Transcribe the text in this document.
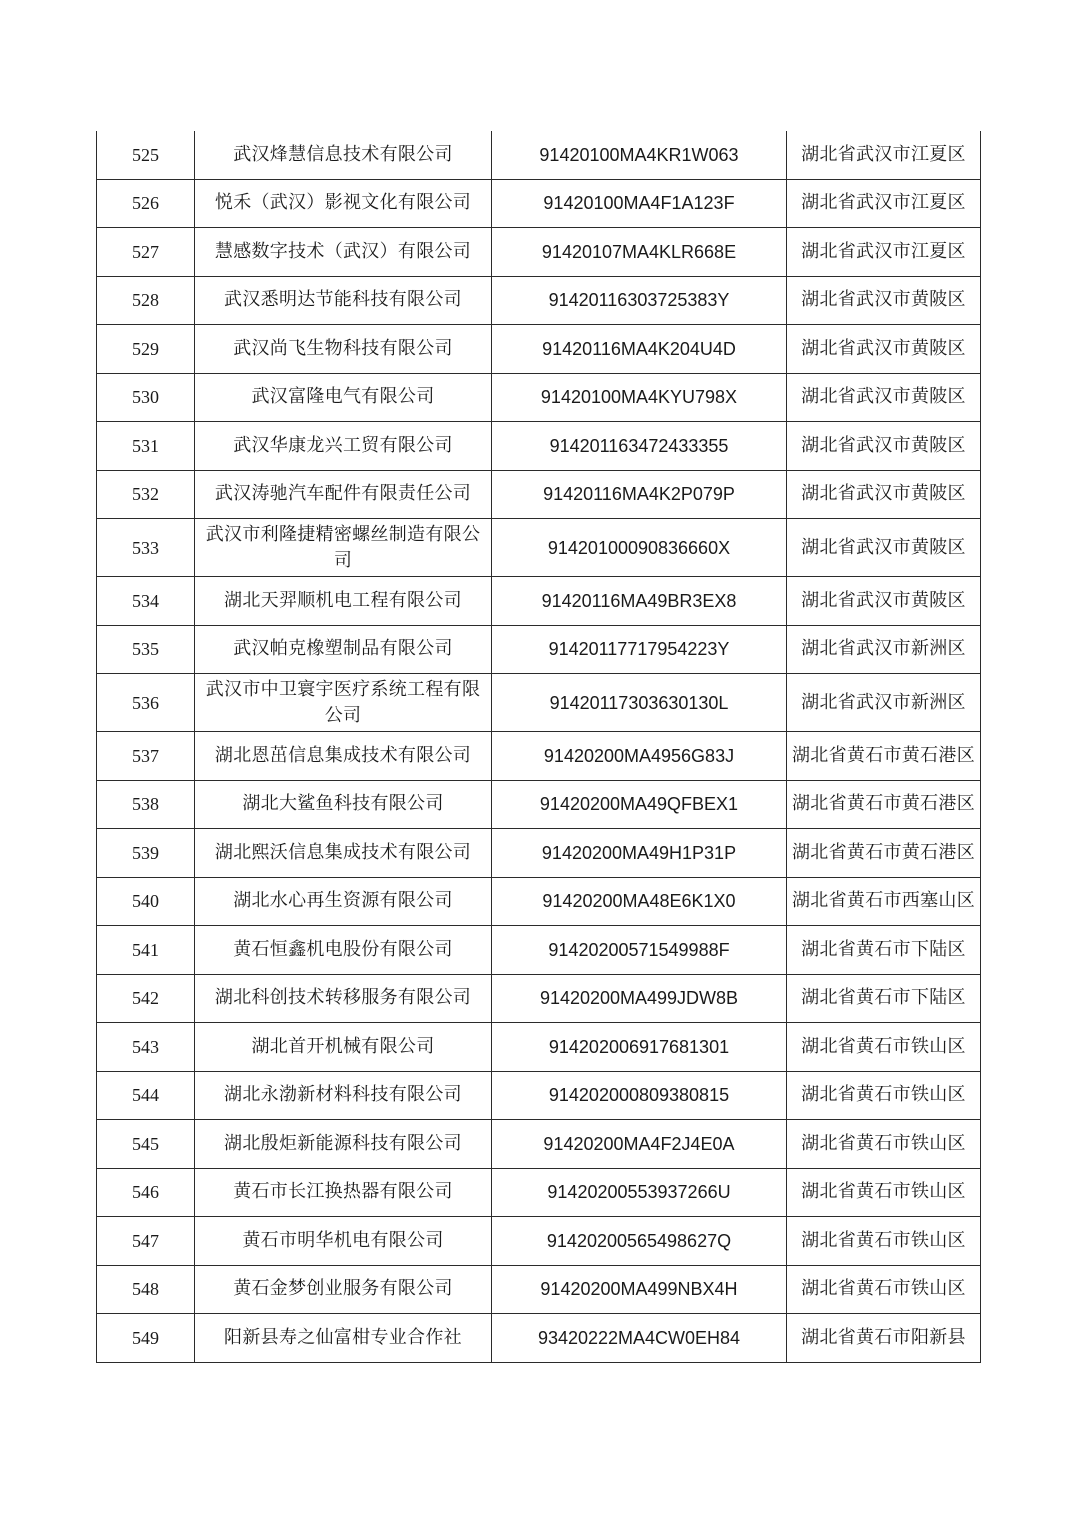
525	武汉烽慧信息技术有限公司	91420100MA4KR1W063	湖北省武汉市江夏区
526	悦禾（武汉）影视文化有限公司	91420100MA4F1A123F	湖北省武汉市江夏区
527	慧感数字技术（武汉）有限公司	91420107MA4KLR668E	湖北省武汉市江夏区
528	武汉悉明达节能科技有限公司	91420116303725383Y	湖北省武汉市黄陂区
529	武汉尚飞生物科技有限公司	91420116MA4K204U4D	湖北省武汉市黄陂区
530	武汉富隆电气有限公司	91420100MA4KYU798X	湖北省武汉市黄陂区
531	武汉华康龙兴工贸有限公司	914201163472433355	湖北省武汉市黄陂区
532	武汉涛驰汽车配件有限责任公司	91420116MA4K2P079P	湖北省武汉市黄陂区
533	武汉市利隆捷精密螺丝制造有限公司	91420100090836660X	湖北省武汉市黄陂区
534	湖北天羿顺机电工程有限公司	91420116MA49BR3EX8	湖北省武汉市黄陂区
535	武汉帕克橡塑制品有限公司	91420117717954223Y	湖北省武汉市新洲区
536	武汉市中卫寰宇医疗系统工程有限公司	91420117303630130L	湖北省武汉市新洲区
537	湖北恩茁信息集成技术有限公司	91420200MA4956G83J	湖北省黄石市黄石港区
538	湖北大鲨鱼科技有限公司	91420200MA49QFBEX1	湖北省黄石市黄石港区
539	湖北熙沃信息集成技术有限公司	91420200MA49H1P31P	湖北省黄石市黄石港区
540	湖北水心再生资源有限公司	91420200MA48E6K1X0	湖北省黄石市西塞山区
541	黄石恒鑫机电股份有限公司	91420200571549988F	湖北省黄石市下陆区
542	湖北科创技术转移服务有限公司	91420200MA499JDW8B	湖北省黄石市下陆区
543	湖北首开机械有限公司	914202006917681301	湖北省黄石市铁山区
544	湖北永渤新材料科技有限公司	914202000809380815	湖北省黄石市铁山区
545	湖北殷炬新能源科技有限公司	91420200MA4F2J4E0A	湖北省黄石市铁山区
546	黄石市长江换热器有限公司	91420200553937266U	湖北省黄石市铁山区
547	黄石市明华机电有限公司	91420200565498627Q	湖北省黄石市铁山区
548	黄石金梦创业服务有限公司	91420200MA499NBX4H	湖北省黄石市铁山区
549	阳新县寿之仙富柑专业合作社	93420222MA4CW0EH84	湖北省黄石市阳新县
